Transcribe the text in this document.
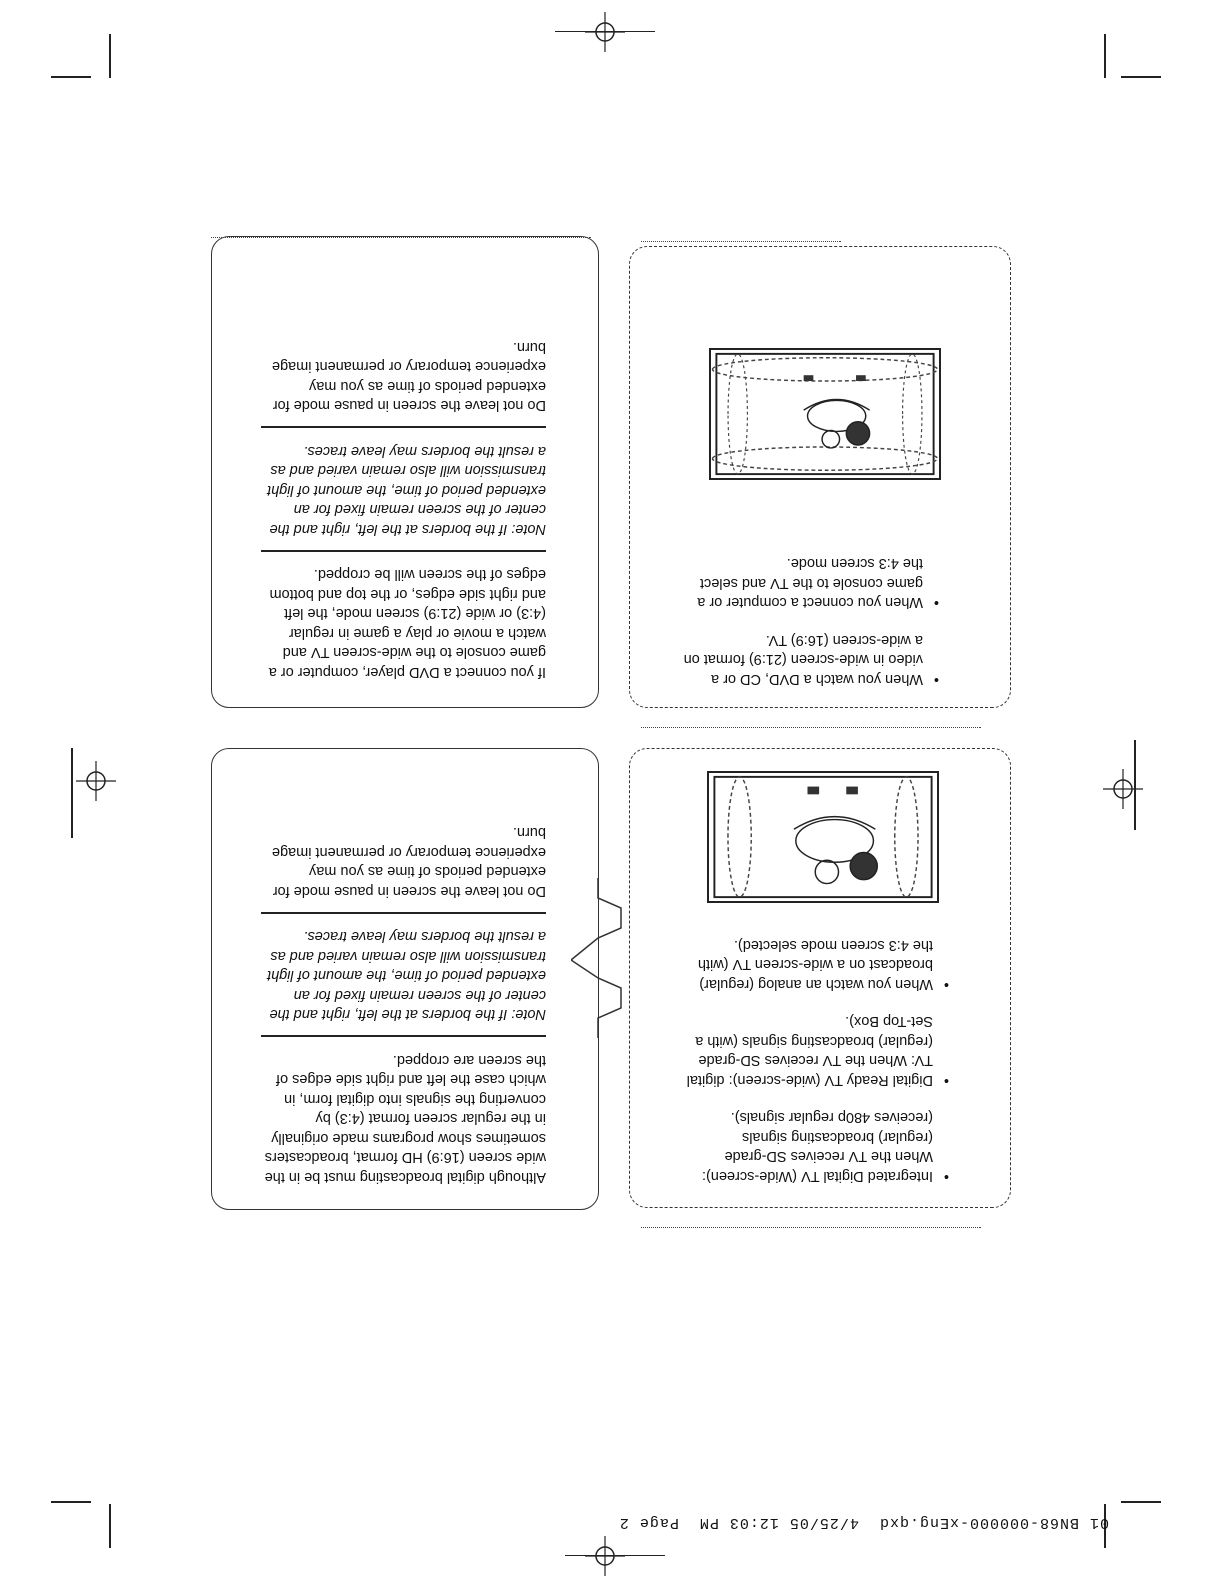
01 BN68-000000-xEng.qxd  4/25/05 12:03 PM  Page 2
If you connect a DVD player, computer or a game console to the wide-screen TV and watch a movie or play a game in regular (4:3) or wide (21:9) screen mode, the left and right side edges, or the top and bottom edges of the screen will be cropped.
Note: If the borders at the left, right and the center of the screen remain fixed for an extended period of time, the amount of light transmission will also remain varied and as a result the borders may leave traces.
Do not leave the screen in pause mode for extended periods of time as you may experience temporary or permanent image burn.
Although digital broadcasting must be in the wide screen (16:9) HD format, broadcasters sometimes show programs made originally in the regular screen format (4:3) by converting the signals into digital form, in which case the left and right side edges of the screen are cropped.
Note: If the borders at the left, right and the center of the screen remain fixed for an extended period of time, the amount of light transmission will also remain varied and as a result the borders may leave traces.
Do not leave the screen in pause mode for extended periods of time as you may experience temporary or permanent image burn.
• When you watch a DVD, CD or a video in wide-screen (21:9) format on a wide-screen (16:9) TV.
• When you connect a computer or a game console to the TV and select the 4:3 screen mode.
• Integrated Digital TV (Wide-screen): When the TV receives SD-grade (regular) broadcasting signals (receives 480p regular signals).
• Digital Ready TV (wide-screen): digital TV: When the TV receives SD-grade (regular) broadcasting signals (with a Set-Top Box).
• When you watch an analog (regular) broadcast on a wide-screen TV (with the 4:3 screen mode selected).
